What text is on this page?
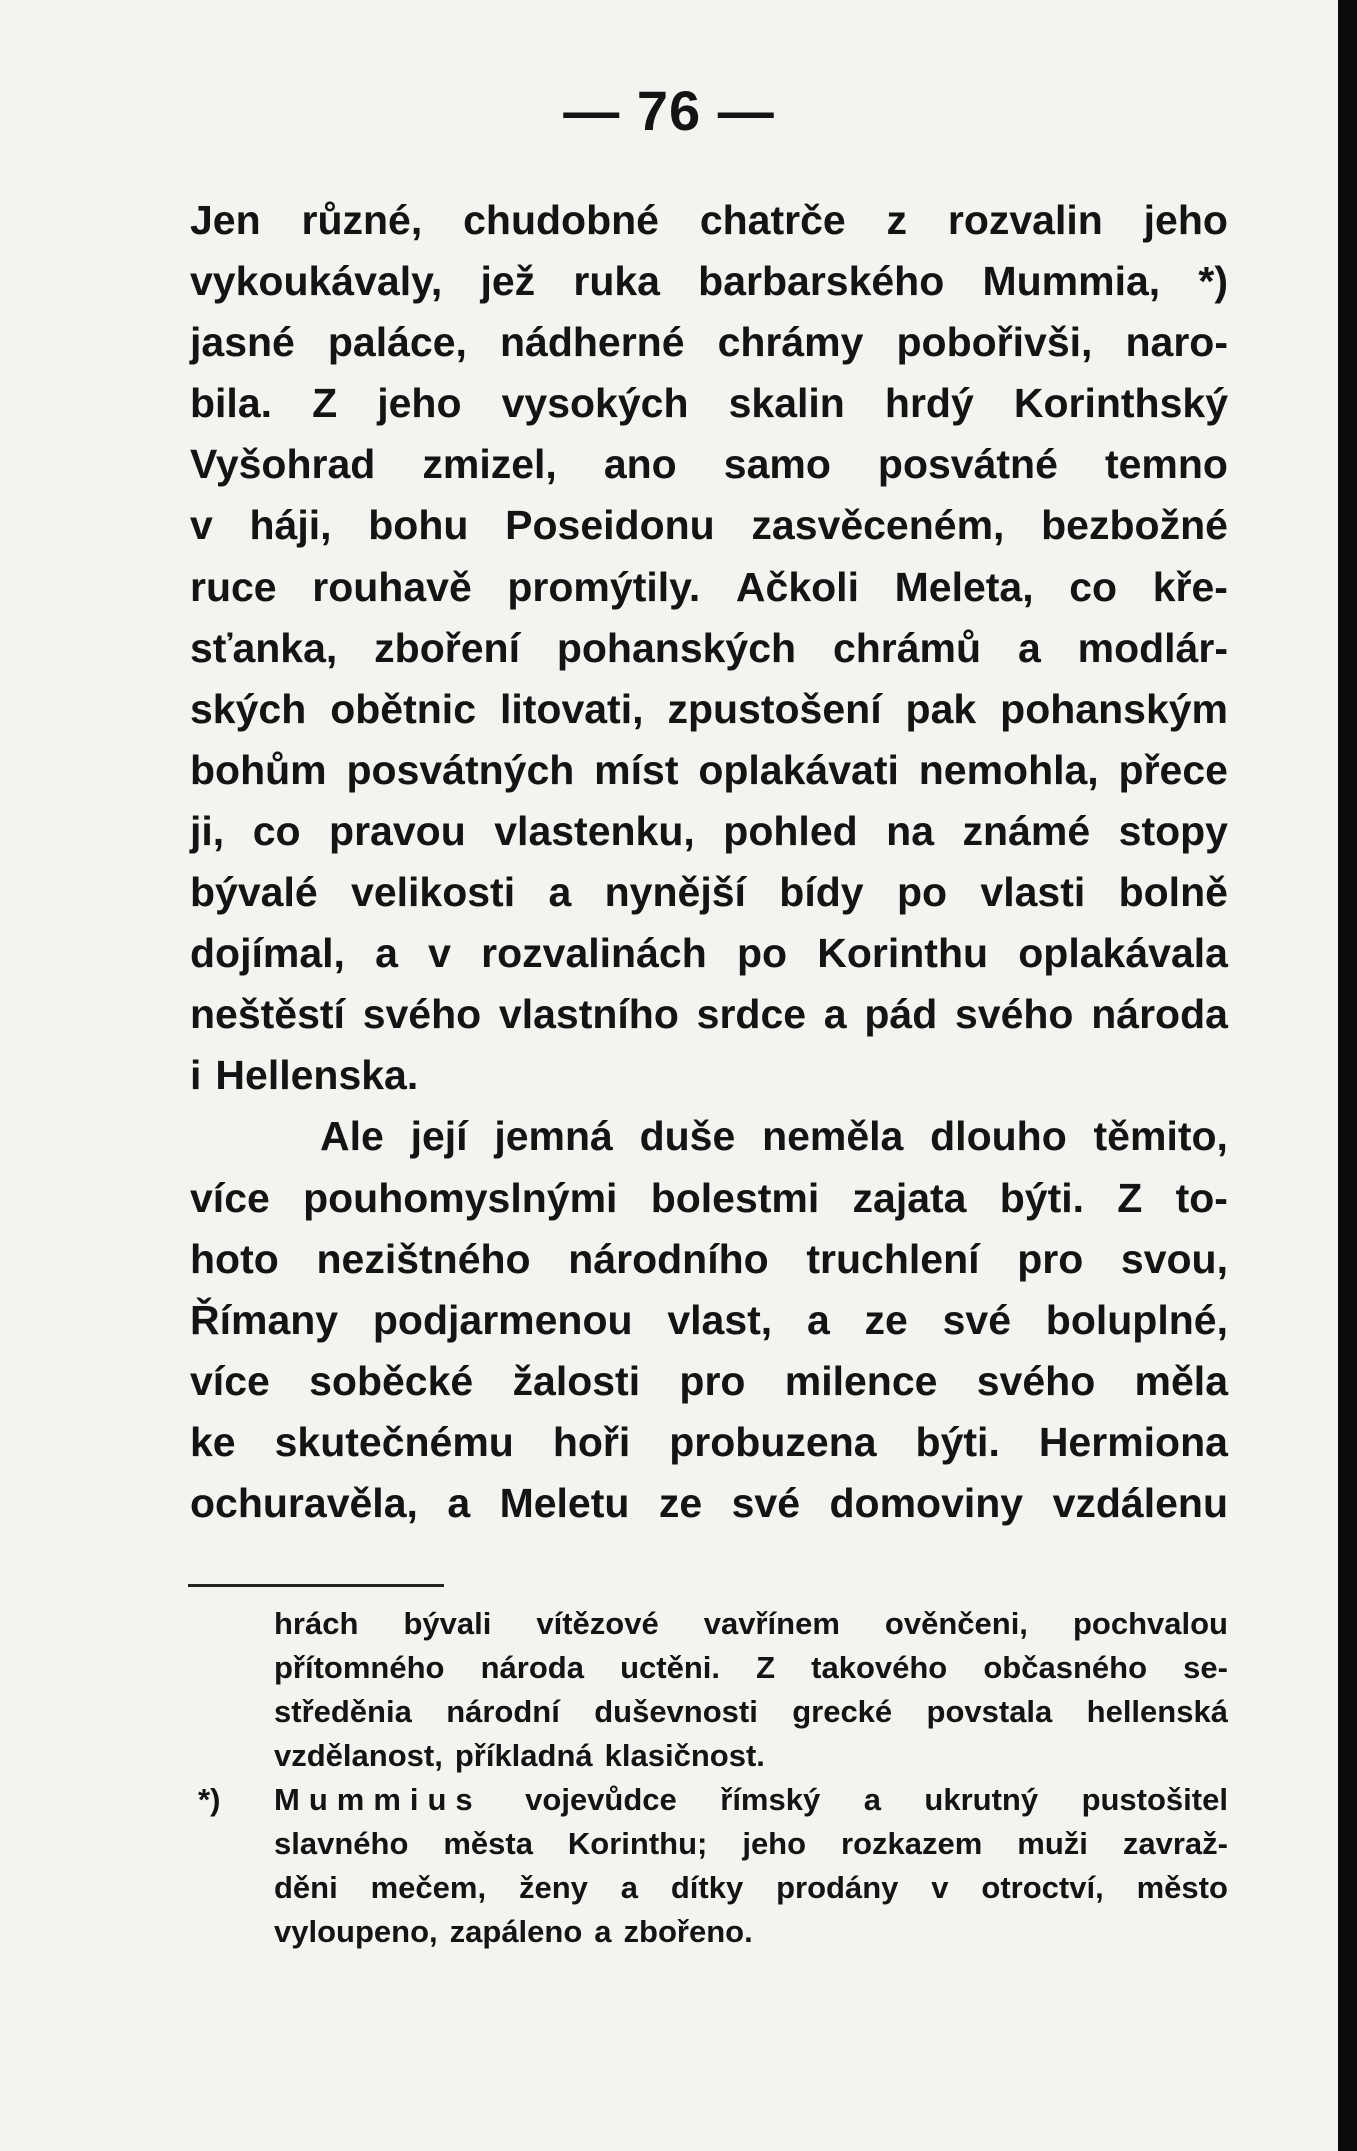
— 76 —
Jen různé, chudobné chatrče z rozvalin jeho
vykoukávaly, jež ruka barbarského Mummia, *)
jasné paláce, nádherné chrámy pobořivši, naro-
bila. Z jeho vysokých skalin hrdý Korinthský
Vyšohrad zmizel, ano samo posvátné temno
v háji, bohu Poseidonu zasvěceném, bezbožné
ruce rouhavě promýtily. Ačkoli Meleta, co kře-
sťanka, zboření pohanských chrámů a modlár-
ských obětnic litovati, zpustošení pak pohanským
bohům posvátných míst oplakávati nemohla, přece
ji, co pravou vlastenku, pohled na známé stopy
bývalé velikosti a nynější bídy po vlasti bolně
dojímal, a v rozvalinách po Korinthu oplakávala
neštěstí svého vlastního srdce a pád svého národa
i Hellenska.
Ale její jemná duše neměla dlouho těmito,
více pouhomyslnými bolestmi zajata býti. Z to-
hoto nezištného národního truchlení pro svou,
Římany podjarmenou vlast, a ze své boluplné,
více soběcké žalosti pro milence svého měla
ke skutečnému hoři probuzena býti. Hermiona
ochuravěla, a Meletu ze své domoviny vzdálenu
hrách bývali vítězové vavřínem ověnčeni, pochvalou
přítomného národa uctěni. Z takového občasného se-
středěnia národní duševnosti grecké povstala hellenská
vzdělanost, příkladná klasičnost.
*) Mummius vojevůdce římský a ukrutný pustošitel
slavného města Korinthu; jeho rozkazem muži zavraž-
děni mečem, ženy a dítky prodány v otroctví, město
vyloupeno, zapáleno a zbořeno.
